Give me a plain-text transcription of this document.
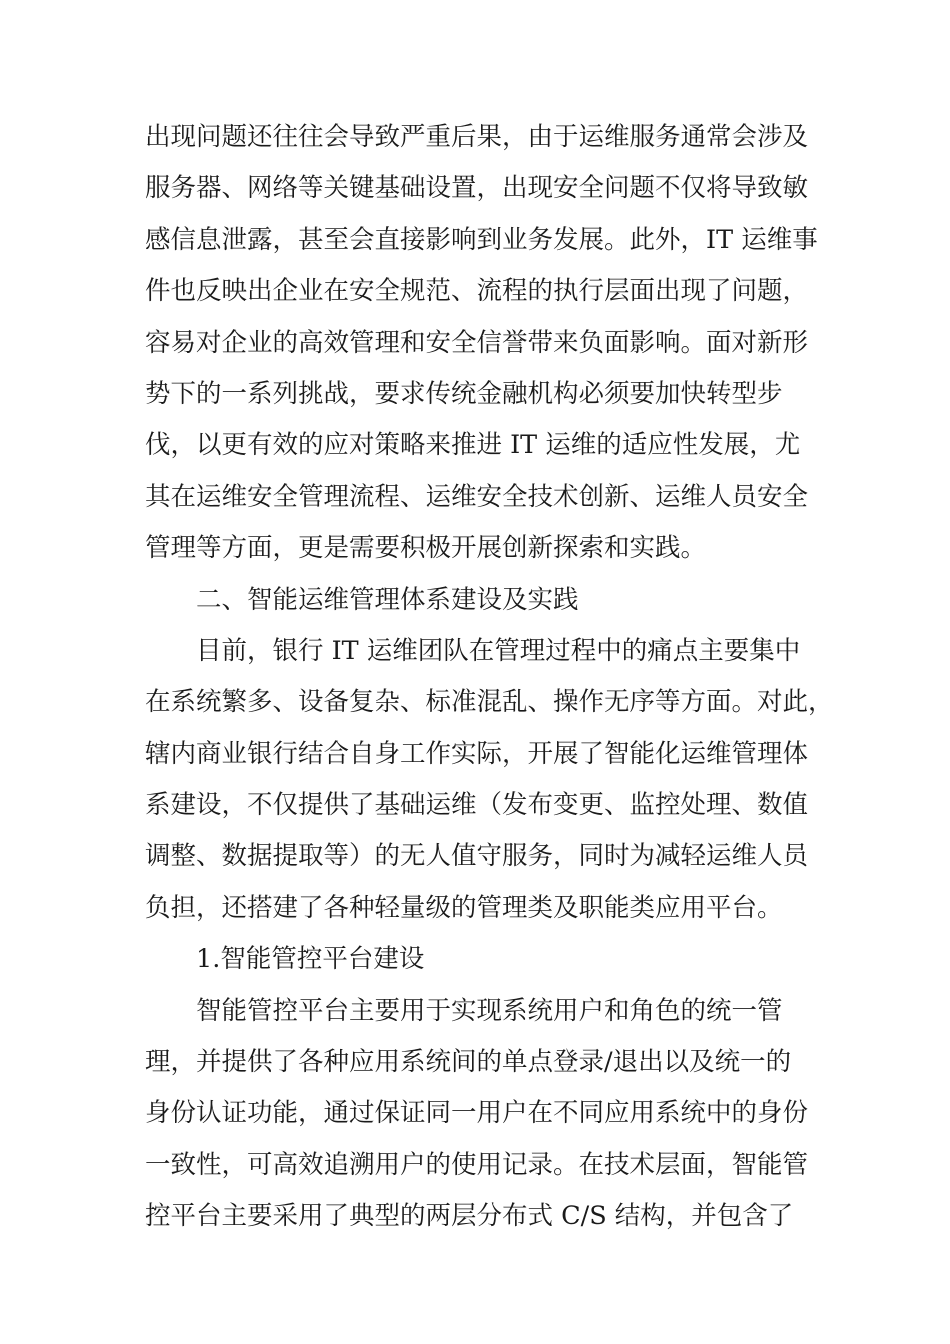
出现问题还往往会导致严重后果，由于运维服务通常会涉及
服务器、网络等关键基础设置，出现安全问题不仅将导致敏
感信息泄露，甚至会直接影响到业务发展。此外，IT 运维事
件也反映出企业在安全规范、流程的执行层面出现了问题，
容易对企业的高效管理和安全信誉带来负面影响。面对新形
势下的一系列挑战，要求传统金融机构必须要加快转型步
伐，以更有效的应对策略来推进 IT 运维的适应性发展，尤
其在运维安全管理流程、运维安全技术创新、运维人员安全
管理等方面，更是需要积极开展创新探索和实践。
二、智能运维管理体系建设及实践
目前，银行 IT 运维团队在管理过程中的痛点主要集中
在系统繁多、设备复杂、标准混乱、操作无序等方面。对此，
辖内商业银行结合自身工作实际，开展了智能化运维管理体
系建设，不仅提供了基础运维（发布变更、监控处理、数值
调整、数据提取等）的无人值守服务，同时为减轻运维人员
负担，还搭建了各种轻量级的管理类及职能类应用平台。
1.智能管控平台建设
智能管控平台主要用于实现系统用户和角色的统一管
理，并提供了各种应用系统间的单点登录/退出以及统一的
身份认证功能，通过保证同一用户在不同应用系统中的身份
一致性，可高效追溯用户的使用记录。在技术层面，智能管
控平台主要采用了典型的两层分布式 C/S 结构，并包含了
